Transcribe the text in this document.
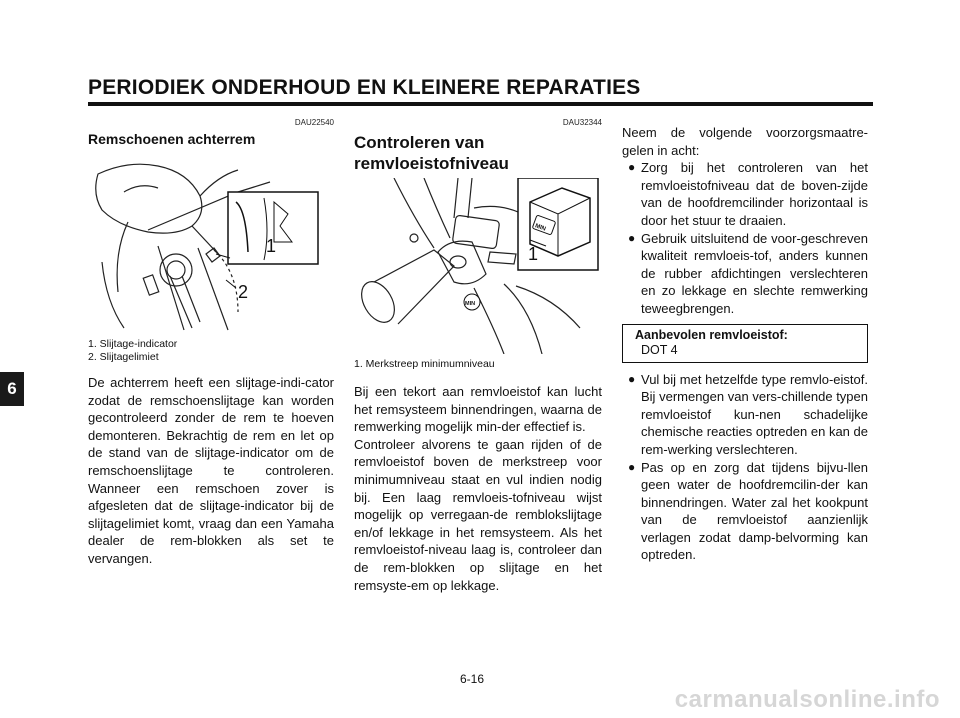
PERIODIEK ONDERHOUD EN KLEINERE REPARATIES
6
DAU22540
Remschoenen achterrem
1
2
1. Slijtage-indicator
2. Slijtagelimiet

De achterrem heeft een slijtage-indi-cator zodat de remschoenslijtage kan worden gecontroleerd zonder de rem te hoeven demonteren. Bekrachtig de rem en let op de stand van de slijtage-indicator om de remschoenslijtage te controleren. Wanneer een remschoen zover is afgesleten dat de slijtage-indicator bij de slijtagelimiet komt, vraag dan een Yamaha dealer de rem-blokken als set te vervangen.

DAU32344
Controleren van remvloeistofniveau
MIN
MIN
1
1. Merkstreep minimumniveau

Bij een tekort aan remvloeistof kan lucht het remsysteem binnendringen, waarna de remwerking mogelijk min-der effectief is.

Controleer alvorens te gaan rijden of de remvloeistof boven de merkstreep voor minimumniveau staat en vul indien nodig bij. Een laag remvloeis-tofniveau wijst mogelijk op verregaan-de remblokslijtage en/of lekkage in het remsysteem. Als het remvloeistof-niveau laag is, controleer dan de rem-blokken op slijtage en het remsyste-em op lekkage.

Neem de volgende voorzorgsmaatre-gelen in acht:

● Zorg bij het controleren van het remvloeistofniveau dat de boven-zijde van de hoofdremcilinder horizontaal is door het stuur te draaien.
● Gebruik uitsluitend de voor-geschreven kwaliteit remvloeis-tof, anders kunnen de rubber afdichtingen verslechteren en zo lekkage en slechte remwerking teweegbrengen.
Aanbevolen remvloeistof:
DOT 4
● Vul bij met hetzelfde type remvlo-eistof. Bij vermengen van vers-chillende typen remvloeistof kun-nen schadelijke chemische reacties optreden en kan de rem-werking verslechteren.
● Pas op en zorg dat tijdens bijvu-llen geen water de hoofdremcilin-der kan binnendringen. Water zal het kookpunt van de remvloeistof aanzienlijk verlagen zodat damp-belvorming kan optreden.
6-16
carmanualsonline.info
